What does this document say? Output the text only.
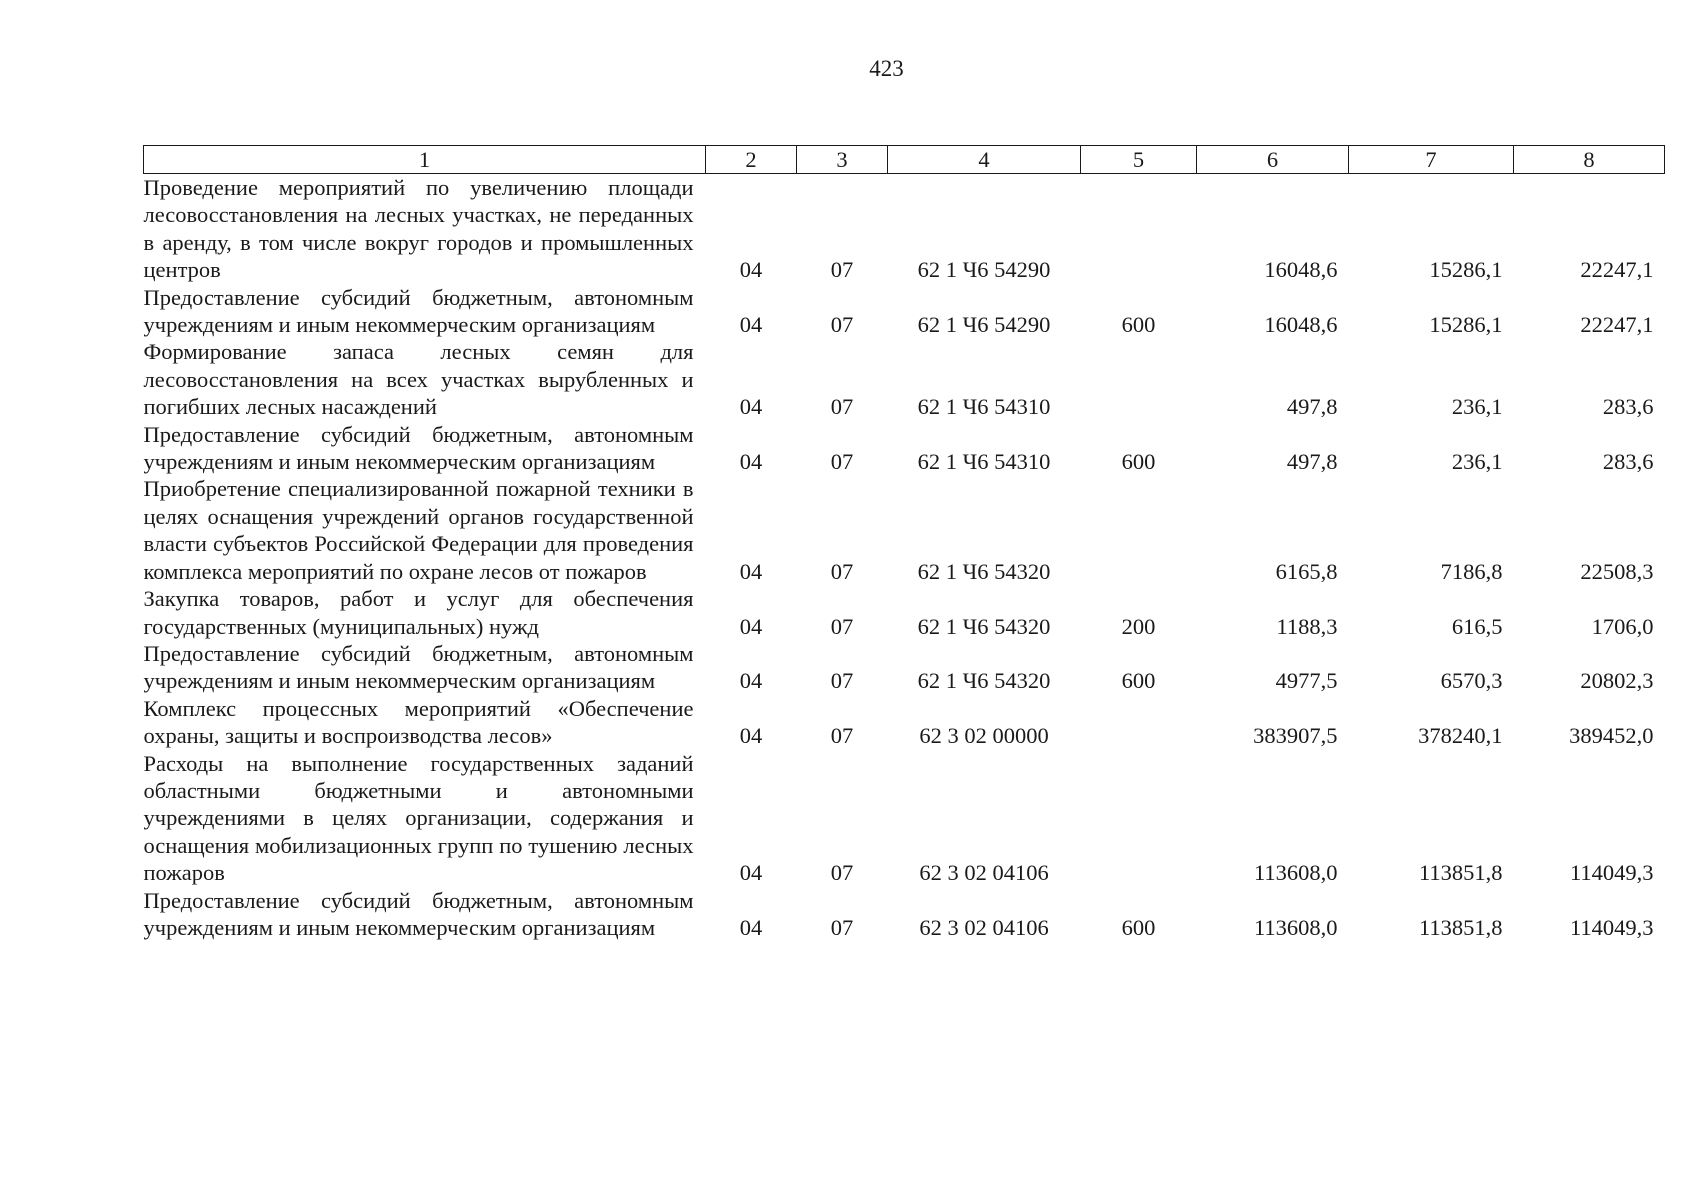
423
1	2	3	4	5	6	7	8
Проведение мероприятий по увеличению площади лесовосстановления на лесных участках, не переданных в аренду, в том числе вокруг городов и промышленных центров	04	07	62 1 Ч6 54290		16048,6	15286,1	22247,1
Предоставление субсидий бюджетным, автономным учреждениям и иным некоммерческим организациям	04	07	62 1 Ч6 54290	600	16048,6	15286,1	22247,1
Формирование запаса лесных семян для лесовосстановления на всех участках вырубленных и погибших лесных насаждений	04	07	62 1 Ч6 54310		497,8	236,1	283,6
Предоставление субсидий бюджетным, автономным учреждениям и иным некоммерческим организациям	04	07	62 1 Ч6 54310	600	497,8	236,1	283,6
Приобретение специализированной пожарной техники в целях оснащения учреждений органов государственной власти субъектов Российской Федерации для проведения комплекса мероприятий по охране лесов от пожаров	04	07	62 1 Ч6 54320		6165,8	7186,8	22508,3
Закупка товаров, работ и услуг для обеспечения государственных (муниципальных) нужд	04	07	62 1 Ч6 54320	200	1188,3	616,5	1706,0
Предоставление субсидий бюджетным, автономным учреждениям и иным некоммерческим организациям	04	07	62 1 Ч6 54320	600	4977,5	6570,3	20802,3
Комплекс процессных мероприятий «Обеспечение охраны, защиты и воспроизводства лесов»	04	07	62 3 02 00000		383907,5	378240,1	389452,0
Расходы на выполнение государственных заданий областными бюджетными и автономными учреждениями в целях организации, содержания и оснащения мобилизационных групп по тушению лесных пожаров	04	07	62 3 02 04106		113608,0	113851,8	114049,3
Предоставление субсидий бюджетным, автономным учреждениям и иным некоммерческим организациям	04	07	62 3 02 04106	600	113608,0	113851,8	114049,3
